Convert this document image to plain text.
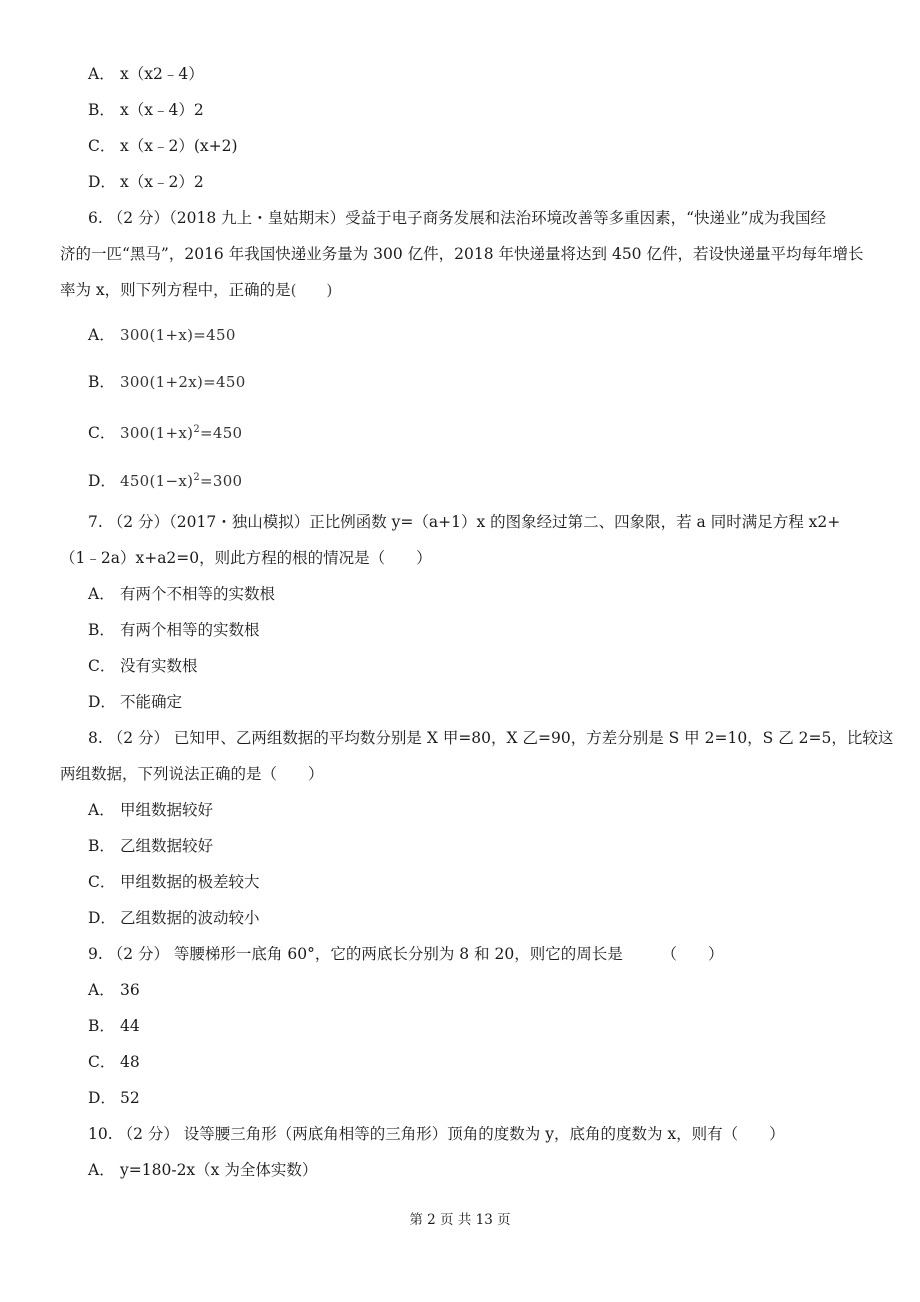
A． x（x2﹣4）
B． x（x﹣4）2
C． x（x﹣2）(x+2)
D． x（x﹣2）2
6. （2 分）（2018 九上・皇姑期末）受益于电子商务发展和法治环境改善等多重因素，“快递业”成为我国经
济的一匹“黑马”，2016 年我国快递业务量为 300 亿件，2018 年快递量将达到 450 亿件，若设快递量平均每年增长
率为 x，则下列方程中，正确的是(　　)
A． 300(1+x)=450
B． 300(1+2x)=450
C． $300(1+x)^2=450$
D． $450(1-x)^2=300$
7. （2 分）（2017・独山模拟）正比例函数 y=（a+1）x 的图象经过第二、四象限，若 a 同时满足方程 x2+
（1﹣2a）x+a2=0，则此方程的根的情况是（　　）
A． 有两个不相等的实数根
B． 有两个相等的实数根
C． 没有实数根
D． 不能确定
8. （2 分） 已知甲、乙两组数据的平均数分别是 X 甲=80，X 乙=90，方差分别是 S 甲 2=10，S 乙 2=5，比较这
两组数据，下列说法正确的是（　　）
A． 甲组数据较好
B． 乙组数据较好
C． 甲组数据的极差较大
D． 乙组数据的波动较小
9. （2 分） 等腰梯形一底角 60°，它的两底长分别为 8 和 20，则它的周长是　　　（　　）
A． 36
B． 44
C． 48
D． 52
10. （2 分） 设等腰三角形（两底角相等的三角形）顶角的度数为 y，底角的度数为 x，则有（　　）
A． y=180-2x（x 为全体实数）
第 2 页 共 13 页
